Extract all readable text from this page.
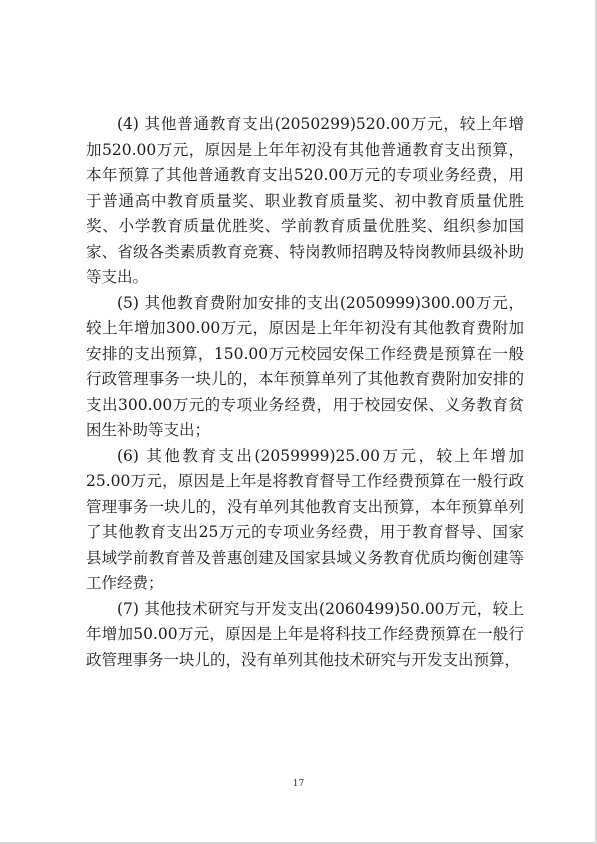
(4) 其他普通教育支出(2050299)520.00万元，较上年增加520.00万元，原因是上年年初没有其他普通教育支出预算，本年预算了其他普通教育支出520.00万元的专项业务经费，用于普通高中教育质量奖、职业教育质量奖、初中教育质量优胜奖、小学教育质量优胜奖、学前教育质量优胜奖、组织参加国家、省级各类素质教育竞赛、特岗教师招聘及特岗教师县级补助等支出。

(5) 其他教育费附加安排的支出(2050999)300.00万元，较上年增加300.00万元，原因是上年年初没有其他教育费附加安排的支出预算，150.00万元校园安保工作经费是预算在一般行政管理事务一块儿的，本年预算单列了其他教育费附加安排的支出300.00万元的专项业务经费，用于校园安保、义务教育贫困生补助等支出；

(6) 其他教育支出(2059999)25.00万元，较上年增加25.00万元，原因是上年是将教育督导工作经费预算在一般行政管理事务一块儿的，没有单列其他教育支出预算，本年预算单列了其他教育支出25万元的专项业务经费，用于教育督导、国家县域学前教育普及普惠创建及国家县域义务教育优质均衡创建等工作经费；

(7) 其他技术研究与开发支出(2060499)50.00万元，较上年增加50.00万元，原因是上年是将科技工作经费预算在一般行政管理事务一块儿的，没有单列其他技术研究与开发支出预算，

17
